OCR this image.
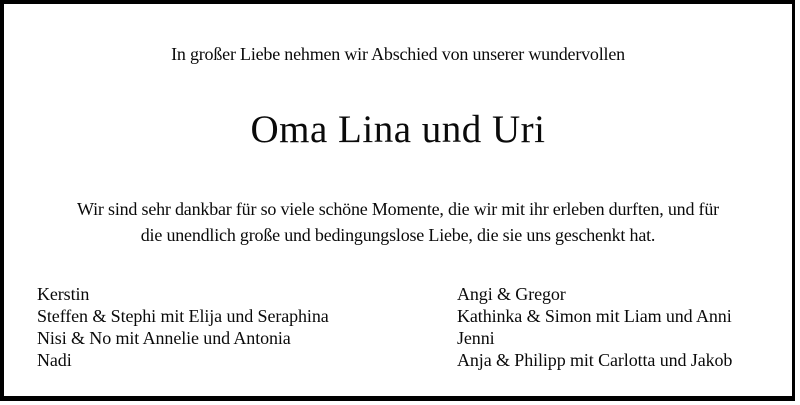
In großer Liebe nehmen wir Abschied von unserer wundervollen
Oma Lina und Uri
Wir sind sehr dankbar für so viele schöne Momente, die wir mit ihr erleben durften, und für
die unendlich große und bedingungslose Liebe, die sie uns geschenkt hat.
Kerstin
Steffen & Stephi mit Elija und Seraphina
Nisi & No mit Annelie und Antonia
Nadi
Angi & Gregor
Kathinka & Simon mit Liam und Anni
Jenni
Anja & Philipp mit Carlotta und Jakob
